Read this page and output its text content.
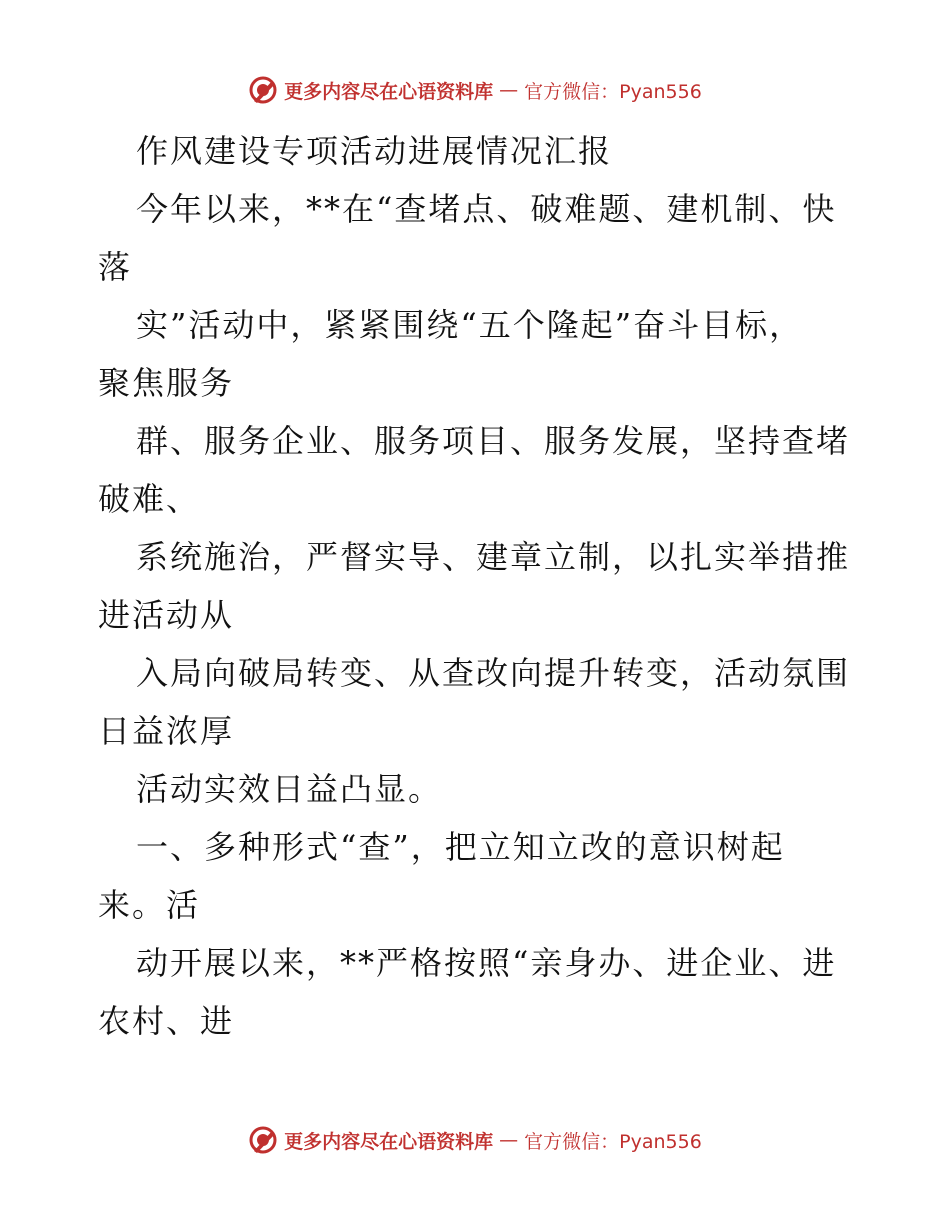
更多内容尽在心语资料库 — 官方微信：Pyan556
作风建设专项活动进展情况汇报
今年以来，**在“查堵点、破难题、建机制、快
落
实”活动中，紧紧围绕“五个隆起”奋斗目标，
聚焦服务
群、服务企业、服务项目、服务发展，坚持查堵
破难、
系统施治，严督实导、建章立制，以扎实举措推
进活动从
入局向破局转变、从查改向提升转变，活动氛围
日益浓厚
活动实效日益凸显。
一、多种形式“查”，把立知立改的意识树起
来。活
动开展以来，**严格按照“亲身办、进企业、进
农村、进
更多内容尽在心语资料库 — 官方微信：Pyan556
